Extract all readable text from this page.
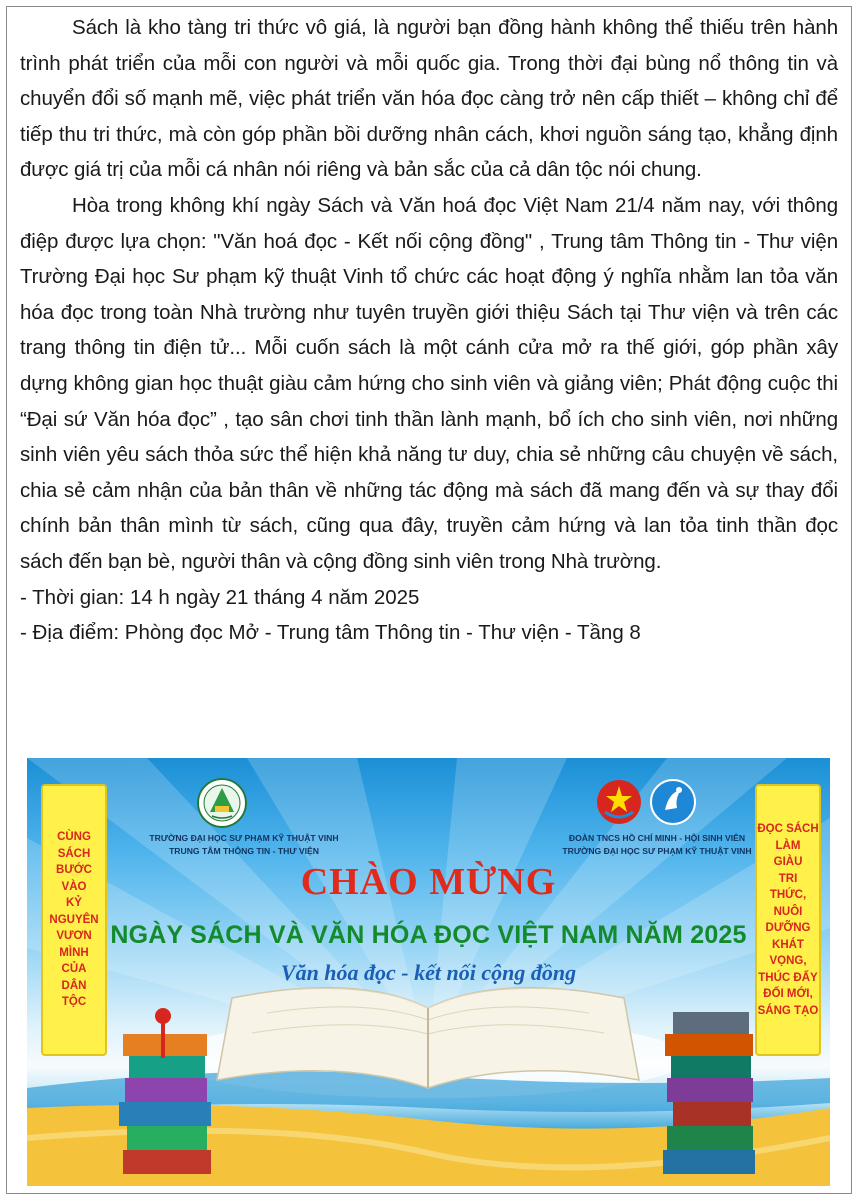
Sách là kho tàng tri thức vô giá, là người bạn đồng hành không thể thiếu trên hành trình phát triển của mỗi con người và mỗi quốc gia. Trong thời đại bùng nổ thông tin và chuyển đổi số mạnh mẽ, việc phát triển văn hóa đọc càng trở nên cấp thiết – không chỉ để tiếp thu tri thức, mà còn góp phần bồi dưỡng nhân cách, khơi nguồn sáng tạo, khẳng định được giá trị của mỗi cá nhân nói riêng và bản sắc của cả dân tộc nói chung.

Hòa trong không khí ngày Sách và Văn hoá đọc Việt Nam 21/4 năm nay, với thông điệp được lựa chọn: "Văn hoá đọc - Kết nối cộng đồng" , Trung tâm Thông tin - Thư viện Trường Đại học Sư phạm kỹ thuật Vinh tổ chức các hoạt động ý nghĩa nhằm lan tỏa văn hóa đọc trong toàn Nhà trường như tuyên truyền giới thiệu Sách tại Thư viện và trên các trang thông tin điện tử... Mỗi cuốn sách là một cánh cửa mở ra thế giới, góp phần xây dựng không gian học thuật giàu cảm hứng cho sinh viên và giảng viên; Phát động cuộc thi “Đại sứ Văn hóa đọc” , tạo sân chơi tinh thần lành mạnh, bổ ích cho sinh viên, nơi những sinh viên yêu sách thỏa sức thể hiện khả năng tư duy, chia sẻ những câu chuyện về sách, chia sẻ cảm nhận của bản thân về những tác động mà sách đã mang đến và sự thay đổi chính bản thân mình từ sách, cũng qua đây, truyền cảm hứng và lan tỏa tinh thần đọc sách đến bạn bè, người thân và cộng đồng sinh viên trong Nhà trường.

- Thời gian: 14 h ngày 21 tháng 4 năm 2025

- Địa điểm: Phòng đọc Mở - Trung tâm Thông tin - Thư viện - Tầng 8

CÙNG
SÁCH
BƯỚC
VÀO
KỶ
NGUYÊN
VƯƠN
MÌNH
CỦA
DÂN
TỘC
ĐỌC SÁCH
LÀM
GIÀU
TRI
THỨC,
NUÔI
DƯỠNG
KHÁT
VỌNG,
THÚC ĐẨY
ĐỔI MỚI,
SÁNG TẠO
TRƯỜNG ĐẠI HỌC SƯ PHẠM KỸ THUẬT VINH
TRUNG TÂM THÔNG TIN - THƯ VIỆN
ĐOÀN TNCS HỒ CHÍ MINH - HỘI SINH VIÊN
TRƯỜNG ĐẠI HỌC SƯ PHẠM KỸ THUẬT VINH
CHÀO MỪNG
NGÀY SÁCH VÀ VĂN HÓA ĐỌC VIỆT NAM NĂM 2025
Văn hóa đọc - kết nối cộng đồng
